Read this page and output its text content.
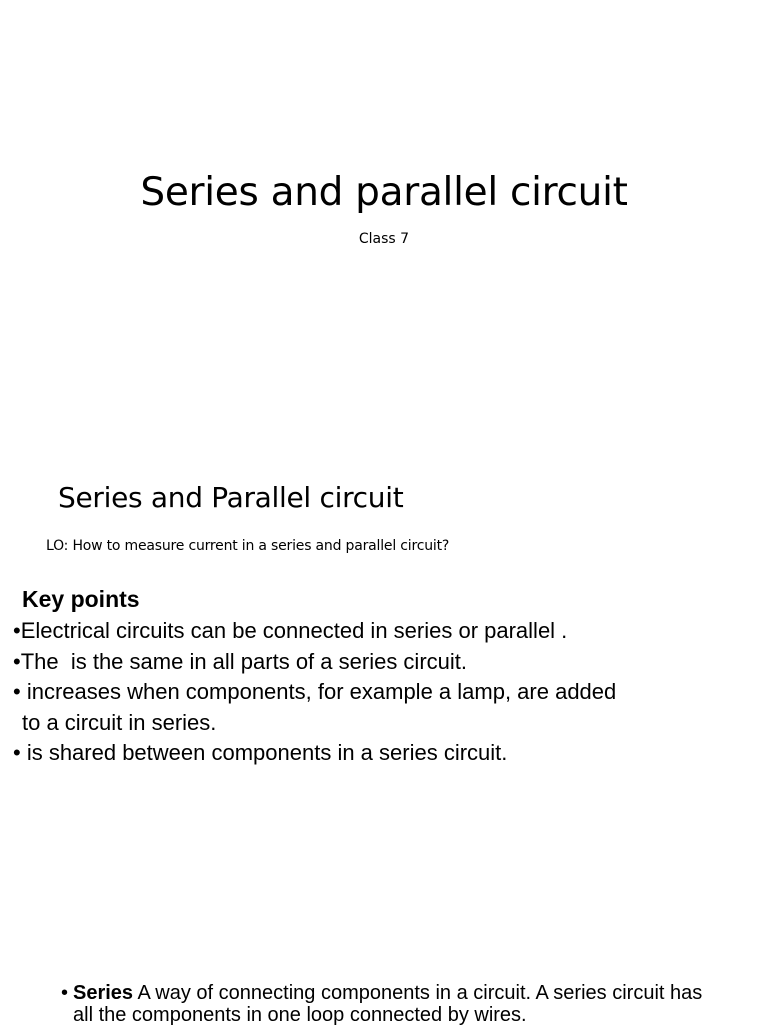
Series and parallel circuit
Class 7
Series and Parallel circuit
LO: How to measure current in a series and parallel circuit?
Key points
•Electrical circuits can be connected in series or parallel .
•The  is the same in all parts of a series circuit.
• increases when components, for example a lamp, are added
to a circuit in series.
• is shared between components in a series circuit.
• Series A way of connecting components in a circuit. A series circuit has all the components in one loop connected by wires.
